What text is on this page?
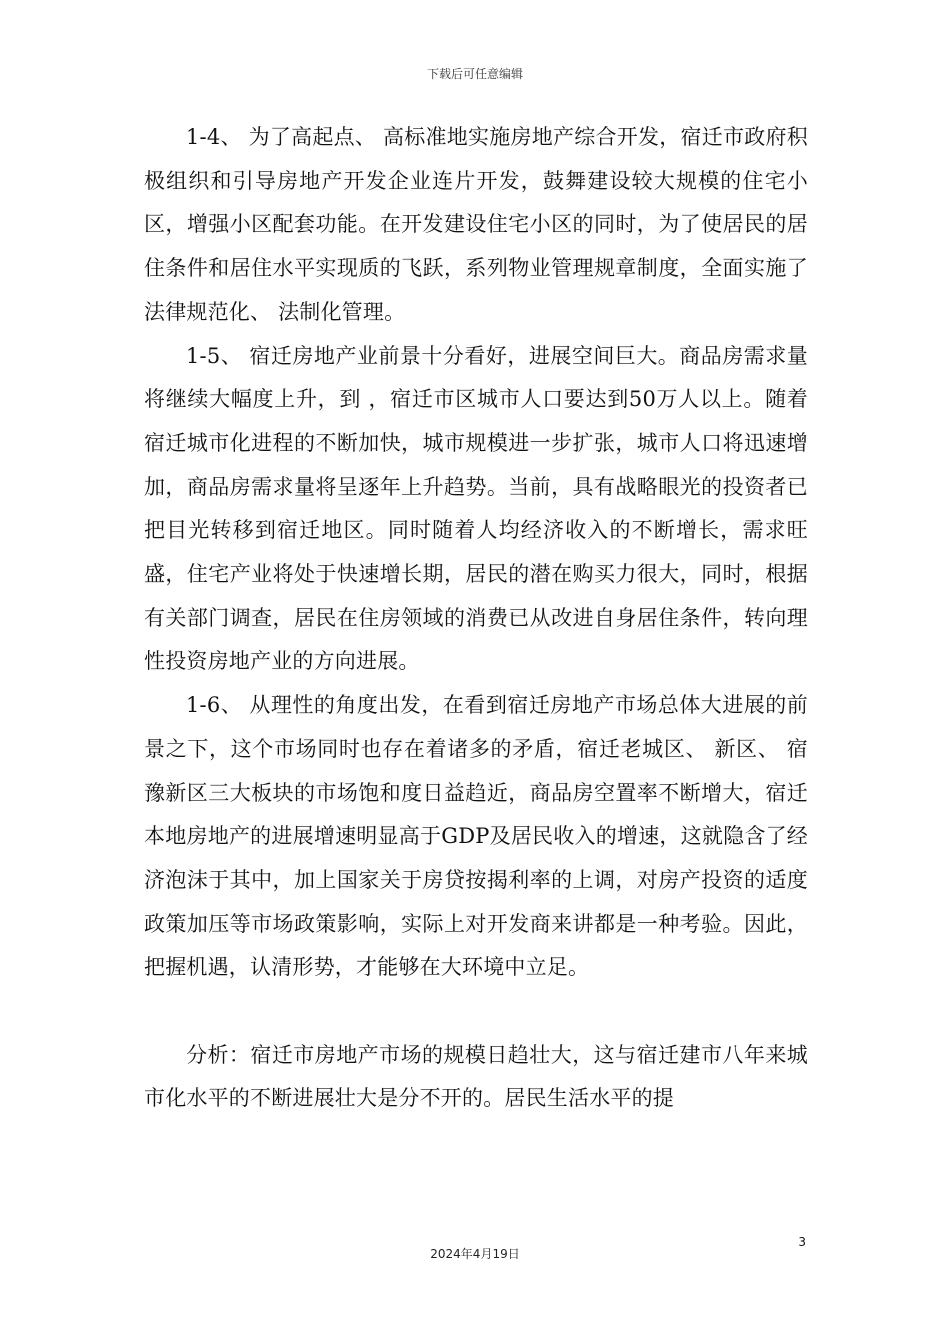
下载后可任意编辑

1-4、 为了高起点、 高标准地实施房地产综合开发，宿迁市政府积极组织和引导房地产开发企业连片开发，鼓舞建设较大规模的住宅小区，增强小区配套功能。在开发建设住宅小区的同时，为了使居民的居住条件和居住水平实现质的飞跃，系列物业管理规章制度，全面实施了法律规范化、 法制化管理。

1-5、 宿迁房地产业前景十分看好，进展空间巨大。商品房需求量将继续大幅度上升，到 ，宿迁市区城市人口要达到50万人以上。随着宿迁城市化进程的不断加快，城市规模进一步扩张，城市人口将迅速增加，商品房需求量将呈逐年上升趋势。当前，具有战略眼光的投资者已把目光转移到宿迁地区。同时随着人均经济收入的不断增长，需求旺盛，住宅产业将处于快速增长期，居民的潜在购买力很大，同时，根据有关部门调查，居民在住房领域的消费已从改进自身居住条件，转向理性投资房地产业的方向进展。

1-6、 从理性的角度出发，在看到宿迁房地产市场总体大进展的前景之下，这个市场同时也存在着诸多的矛盾，宿迁老城区、 新区、 宿豫新区三大板块的市场饱和度日益趋近，商品房空置率不断增大，宿迁本地房地产的进展增速明显高于GDP及居民收入的增速，这就隐含了经济泡沫于其中，加上国家关于房贷按揭利率的上调，对房产投资的适度政策加压等市场政策影响，实际上对开发商来讲都是一种考验。因此，把握机遇，认清形势，才能够在大环境中立足。

分析：宿迁市房地产市场的规模日趋壮大，这与宿迁建市八年来城市化水平的不断进展壮大是分不开的。居民生活水平的提

3
2024年4月19日
